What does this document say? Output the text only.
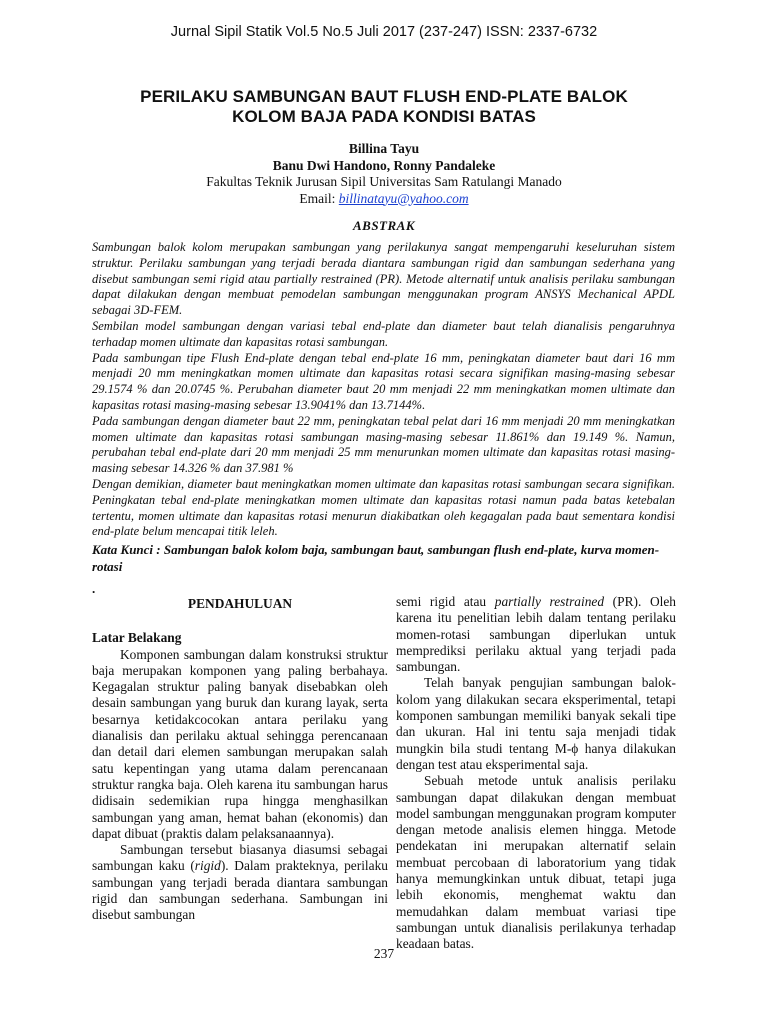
Jurnal Sipil Statik Vol.5 No.5 Juli 2017 (237-247) ISSN: 2337-6732
PERILAKU SAMBUNGAN BAUT FLUSH END-PLATE BALOK
KOLOM BAJA PADA KONDISI BATAS
Billina Tayu
Banu Dwi Handono, Ronny Pandaleke
Fakultas Teknik Jurusan Sipil Universitas Sam Ratulangi Manado
Email: billinatayu@yahoo.com
ABSTRAK

Sambungan balok kolom merupakan sambungan yang perilakunya sangat mempengaruhi keseluruhan sistem struktur. Perilaku sambungan yang terjadi berada diantara sambungan rigid dan sambungan sederhana yang disebut sambungan semi rigid atau partially restrained (PR). Metode alternatif untuk analisis perilaku sambungan dapat dilakukan dengan membuat pemodelan sambungan menggunakan program ANSYS Mechanical APDL sebagai 3D-FEM.

Sembilan model sambungan dengan variasi tebal end-plate dan diameter baut telah dianalisis pengaruhnya terhadap momen ultimate dan kapasitas rotasi sambungan.

Pada sambungan tipe Flush End-plate dengan tebal end-plate 16 mm, peningkatan diameter baut dari 16 mm menjadi 20 mm meningkatkan momen ultimate dan kapasitas rotasi secara signifikan masing-masing sebesar 29.1574 % dan 20.0745 %. Perubahan diameter baut 20 mm menjadi 22 mm meningkatkan momen ultimate dan kapasitas rotasi masing-masing sebesar 13.9041% dan 13.7144%.

Pada sambungan dengan diameter baut 22 mm, peningkatan tebal pelat dari 16 mm menjadi 20 mm meningkatkan momen ultimate dan kapasitas rotasi sambungan masing-masing sebesar 11.861% dan 19.149 %. Namun, perubahan tebal end-plate dari 20 mm menjadi 25 mm menurunkan momen ultimate dan kapasitas rotasi masing-masing sebesar 14.326 % dan 37.981 %

Dengan demikian, diameter baut meningkatkan momen ultimate dan kapasitas rotasi sambungan secara signifikan. Peningkatan tebal end-plate meningkatkan momen ultimate dan kapasitas rotasi namun pada batas ketebalan tertentu, momen ultimate dan kapasitas rotasi menurun diakibatkan oleh kegagalan pada baut sementara kondisi end-plate belum mencapai titik leleh.

Kata Kunci : Sambungan balok kolom baja, sambungan baut, sambungan flush end-plate, kurva momen-rotasi
.

PENDAHULUAN

Latar Belakang

Komponen sambungan dalam konstruksi struktur baja merupakan komponen yang paling berbahaya. Kegagalan struktur paling banyak disebabkan oleh desain sambungan yang buruk dan kurang layak, serta besarnya ketidakcocokan antara perilaku yang dianalisis dan perilaku aktual sehingga perencanaan dan detail dari elemen sambungan merupakan salah satu kepentingan yang utama dalam perencanaan struktur rangka baja. Oleh karena itu sambungan harus didisain sedemikian rupa hingga menghasilkan sambungan yang aman, hemat bahan (ekonomis) dan dapat dibuat (praktis dalam pelaksanaannya).

Sambungan tersebut biasanya diasumsi sebagai sambungan kaku (rigid). Dalam prakteknya, perilaku sambungan yang terjadi berada diantara sambungan rigid dan sambungan sederhana. Sambungan ini disebut sambungan

semi rigid atau partially restrained (PR). Oleh karena itu penelitian lebih dalam tentang perilaku momen-rotasi sambungan diperlukan untuk memprediksi perilaku aktual yang terjadi pada sambungan.

Telah banyak pengujian sambungan balok-kolom yang dilakukan secara eksperimental, tetapi komponen sambungan memiliki banyak sekali tipe dan ukuran. Hal ini tentu saja menjadi tidak mungkin bila studi tentang M-ϕ hanya dilakukan dengan test atau eksperimental saja.

Sebuah metode untuk analisis perilaku sambungan dapat dilakukan dengan membuat model sambungan menggunakan program komputer dengan metode analisis elemen hingga. Metode pendekatan ini merupakan alternatif selain membuat percobaan di laboratorium yang tidak hanya memungkinkan untuk dibuat, tetapi juga lebih ekonomis, menghemat waktu dan memudahkan dalam membuat variasi tipe sambungan untuk dianalisis perilakunya terhadap keadaan batas.

237
